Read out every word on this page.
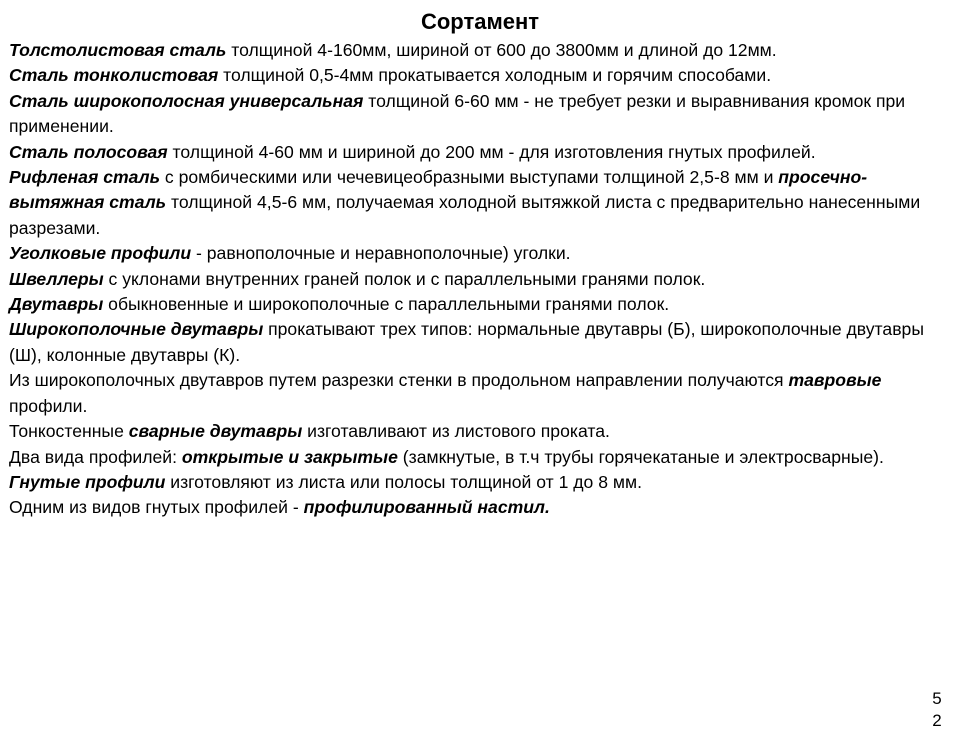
Сортамент

Толстолистовая сталь толщиной 4-160мм, шириной от 600 до 3800мм и длиной до 12мм.

Сталь тонколистовая толщиной 0,5-4мм прокатывается холодным и горячим способами.

Сталь широкополосная универсальная толщиной 6-60 мм - не требует резки и выравнивания кромок при применении.

Сталь полосовая толщиной 4-60 мм и шириной до 200 мм - для изготовления гнутых профилей.

Рифленая сталь с ромбическими или чечевицеобразными выступами толщиной 2,5-8 мм и просечно-вытяжная сталь толщиной 4,5-6 мм, получаемая холодной вытяжкой листа с предварительно нанесенными разрезами.

Уголковые профили - равнополочные и неравнополочные) уголки.

Швеллеры с уклонами внутренних граней полок и с параллельными гранями полок.

Двутавры обыкновенные и широкополочные с параллельными гранями полок.

Широкополочные двутавры прокатывают трех типов: нормальные двутавры (Б), широкополочные двутавры (Ш), колонные двутавры (К).

Из широкополочных двутавров путем разрезки стенки в продольном направлении получаются тавровые профили.

Тонкостенные сварные двутавры изготавливают из листового проката.

Два вида профилей: открытые и закрытые (замкнутые, в т.ч трубы горячекатаные и электросварные).

Гнутые профили изготовляют из листа или полосы толщиной от 1 до 8 мм.

Одним из видов гнутых профилей - профилированный настил.

5
2
